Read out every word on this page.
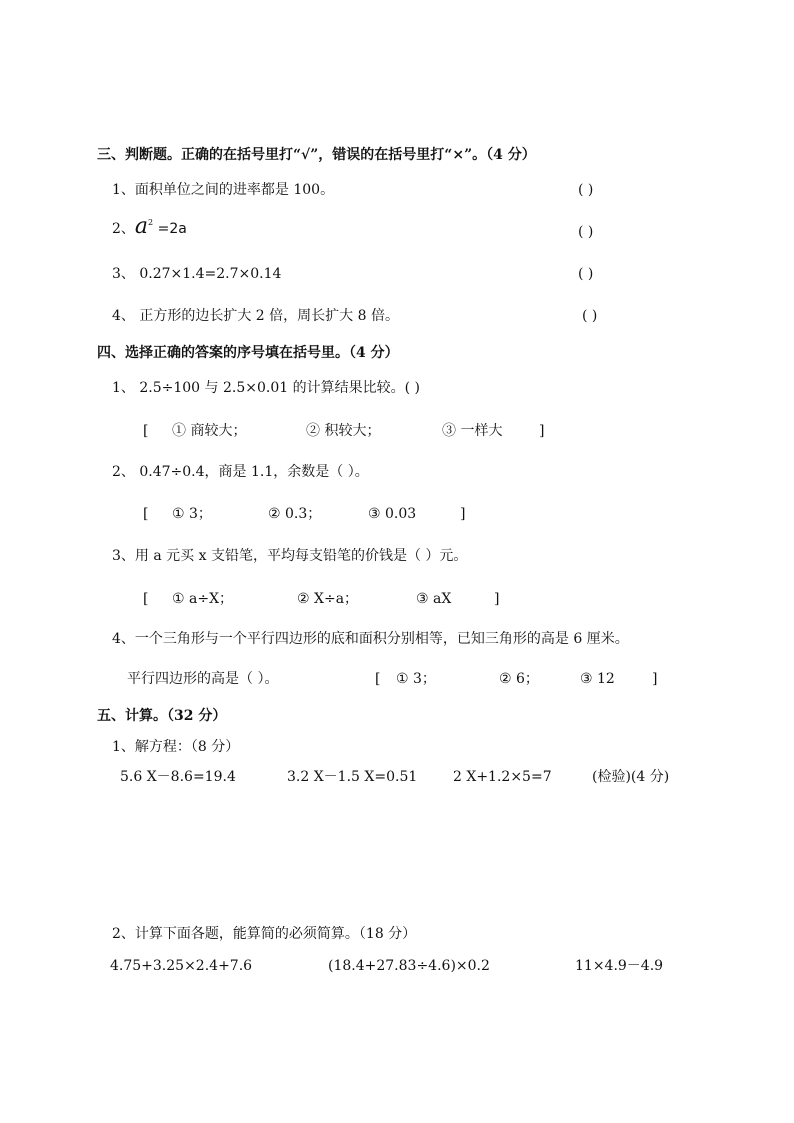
三、判断题。正确的在括号里打“√”，错误的在括号里打“×”。（4 分）
1、面积单位之间的进率都是 100。	( )
2、$a^2 =2a$	( )
3、 0.27×1.4=2.7×0.14	( )
4、 正方形的边长扩大 2 倍，周长扩大 8 倍。	( )
四、选择正确的答案的序号填在括号里。（4 分）
1、 2.5÷100 与 2.5×0.01 的计算结果比较。( )
[ ① 商较大；	② 积较大；	③ 一样大	]
2、 0.47÷0.4，商是 1.1，余数是（ ）。
[ ① 3；	② 0.3；	③ 0.03	]
3、用 a 元买 x 支铅笔，平均每支铅笔的价钱是（ ）元。
[ ① a÷X；	② X÷a；	③ aX	]
4、一个三角形与一个平行四边形的底和面积分别相等，已知三角形的高是 6 厘米。
平行四边形的高是（ ）。	[ ① 3；	② 6；	③ 12	]
五、计算。（32 分）
1、解方程：（8 分）
5.6 X－8.6=19.4	3.2 X－1.5 X=0.51	2 X+1.2×5=7	(检验)(4 分)
2、计算下面各题，能算简的必须简算。（18 分）
4.75+3.25×2.4+7.6	(18.4+27.83÷4.6)×0.2	11×4.9－4.9
